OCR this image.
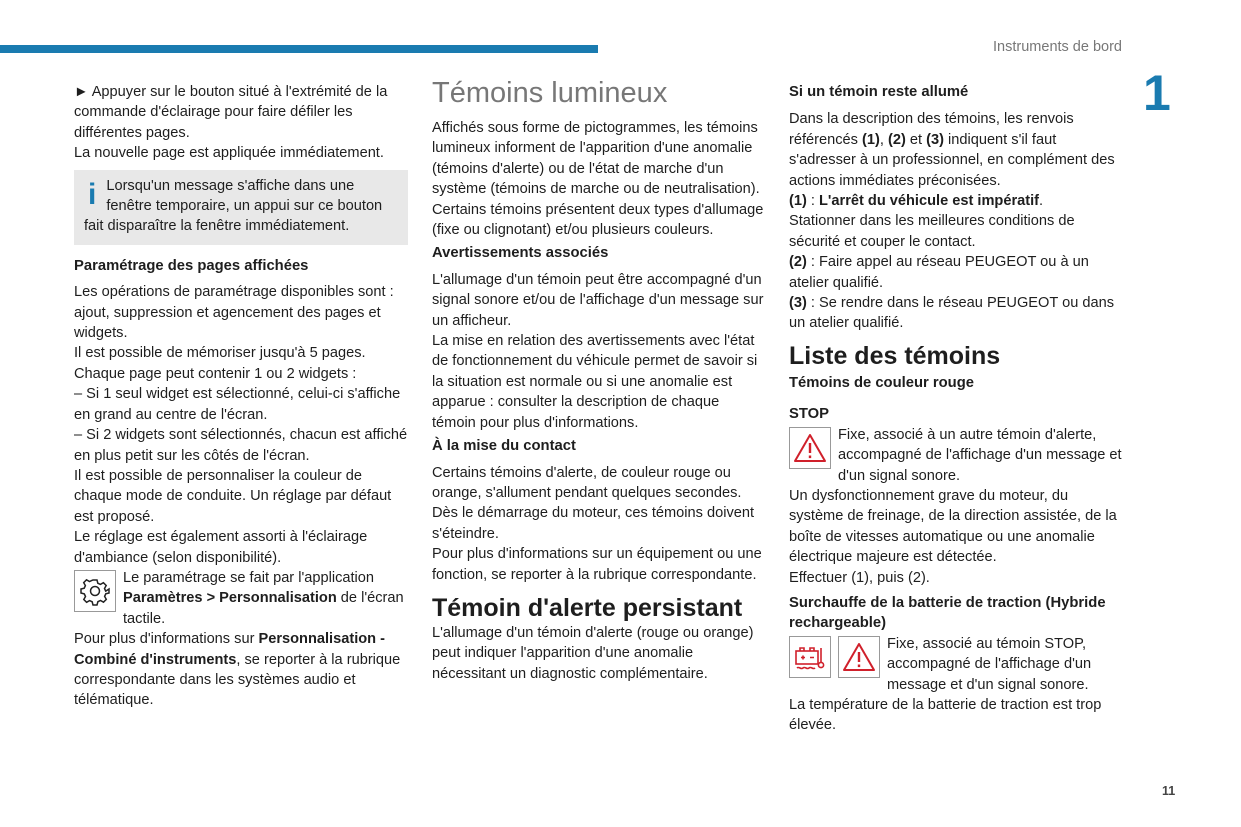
Instruments de bord
1
11

► Appuyer sur le bouton situé à l'extrémité de la commande d'éclairage pour faire défiler les différentes pages.

La nouvelle page est appliquée immédiatement.

i Lorsqu'un message s'affiche dans une fenêtre temporaire, un appui sur ce bouton fait disparaître la fenêtre immédiatement.

Paramétrage des pages affichées

Les opérations de paramétrage disponibles sont : ajout, suppression et agencement des pages et widgets.

Il est possible de mémoriser jusqu'à 5 pages.

Chaque page peut contenir 1 ou 2 widgets :

– Si 1 seul widget est sélectionné, celui-ci s'affiche en grand au centre de l'écran.

– Si 2 widgets sont sélectionnés, chacun est affiché en plus petit sur les côtés de l'écran.

Il est possible de personnaliser la couleur de chaque mode de conduite. Un réglage par défaut est proposé.

Le réglage est également assorti à l'éclairage d'ambiance (selon disponibilité).

Le paramétrage se fait par l'application Paramètres > Personnalisation de l'écran tactile.

Pour plus d'informations sur Personnalisation - Combiné d'instruments, se reporter à la rubrique correspondante dans les systèmes audio et télématique.

Témoins lumineux

Affichés sous forme de pictogrammes, les témoins lumineux informent de l'apparition d'une anomalie (témoins d'alerte) ou de l'état de marche d'un système (témoins de marche ou de neutralisation). Certains témoins présentent deux types d'allumage (fixe ou clignotant) et/ou plusieurs couleurs.

Avertissements associés

L'allumage d'un témoin peut être accompagné d'un signal sonore et/ou de l'affichage d'un message sur un afficheur.

La mise en relation des avertissements avec l'état de fonctionnement du véhicule permet de savoir si la situation est normale ou si une anomalie est apparue : consulter la description de chaque témoin pour plus d'informations.

À la mise du contact

Certains témoins d'alerte, de couleur rouge ou orange, s'allument pendant quelques secondes.

Dès le démarrage du moteur, ces témoins doivent s'éteindre.

Pour plus d'informations sur un équipement ou une fonction, se reporter à la rubrique correspondante.

Témoin d'alerte persistant

L'allumage d'un témoin d'alerte (rouge ou orange) peut indiquer l'apparition d'une anomalie nécessitant un diagnostic complémentaire.

Si un témoin reste allumé

Dans la description des témoins, les renvois référencés (1), (2) et (3) indiquent s'il faut s'adresser à un professionnel, en complément des actions immédiates préconisées.

(1) : L'arrêt du véhicule est impératif.

Stationner dans les meilleures conditions de sécurité et couper le contact.

(2) : Faire appel au réseau PEUGEOT ou à un atelier qualifié.

(3) : Se rendre dans le réseau PEUGEOT ou dans un atelier qualifié.

Liste des témoins

Témoins de couleur rouge

STOP

Fixe, associé à un autre témoin d'alerte, accompagné de l'affichage d'un message et d'un signal sonore.

Un dysfonctionnement grave du moteur, du système de freinage, de la direction assistée, de la boîte de vitesses automatique ou une anomalie électrique majeure est détectée.

Effectuer (1), puis (2).

Surchauffe de la batterie de traction (Hybride rechargeable)

Fixe, associé au témoin STOP, accompagné de l'affichage d'un message et d'un signal sonore.

La température de la batterie de traction est trop élevée.
